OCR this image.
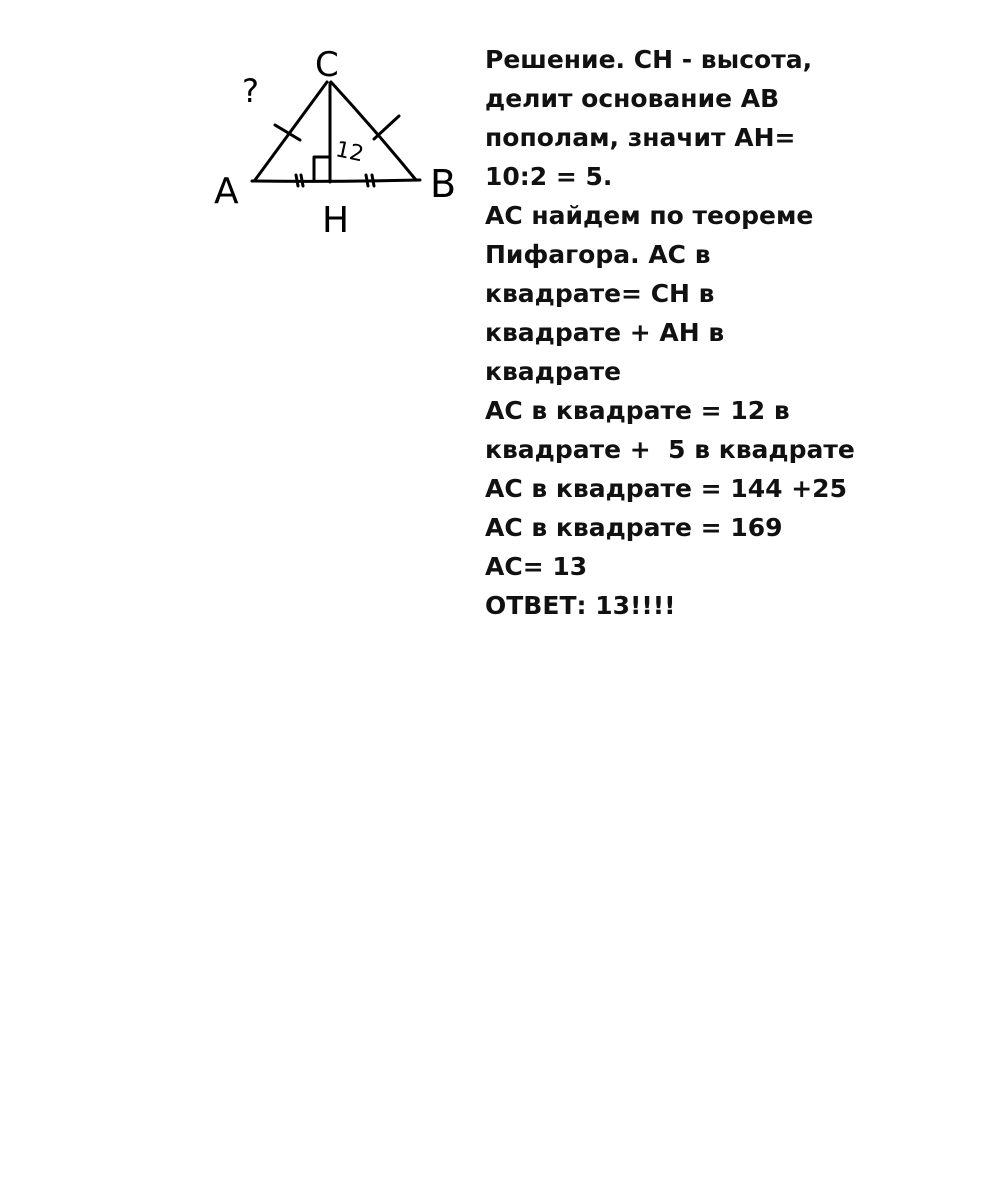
C
A	B
H
?
12
Решение. CH - высота,
делит основание АВ
пополам, значит АН=
10:2 = 5.
АС найдем по теореме
Пифагора. АС в
квадрате= СН в
квадрате + АН в
квадрате
АС в квадрате = 12 в
квадрате +  5 в квадрате
АС в квадрате = 144 +25
АС в квадрате = 169
АС= 13
ОТВЕТ: 13!!!!
